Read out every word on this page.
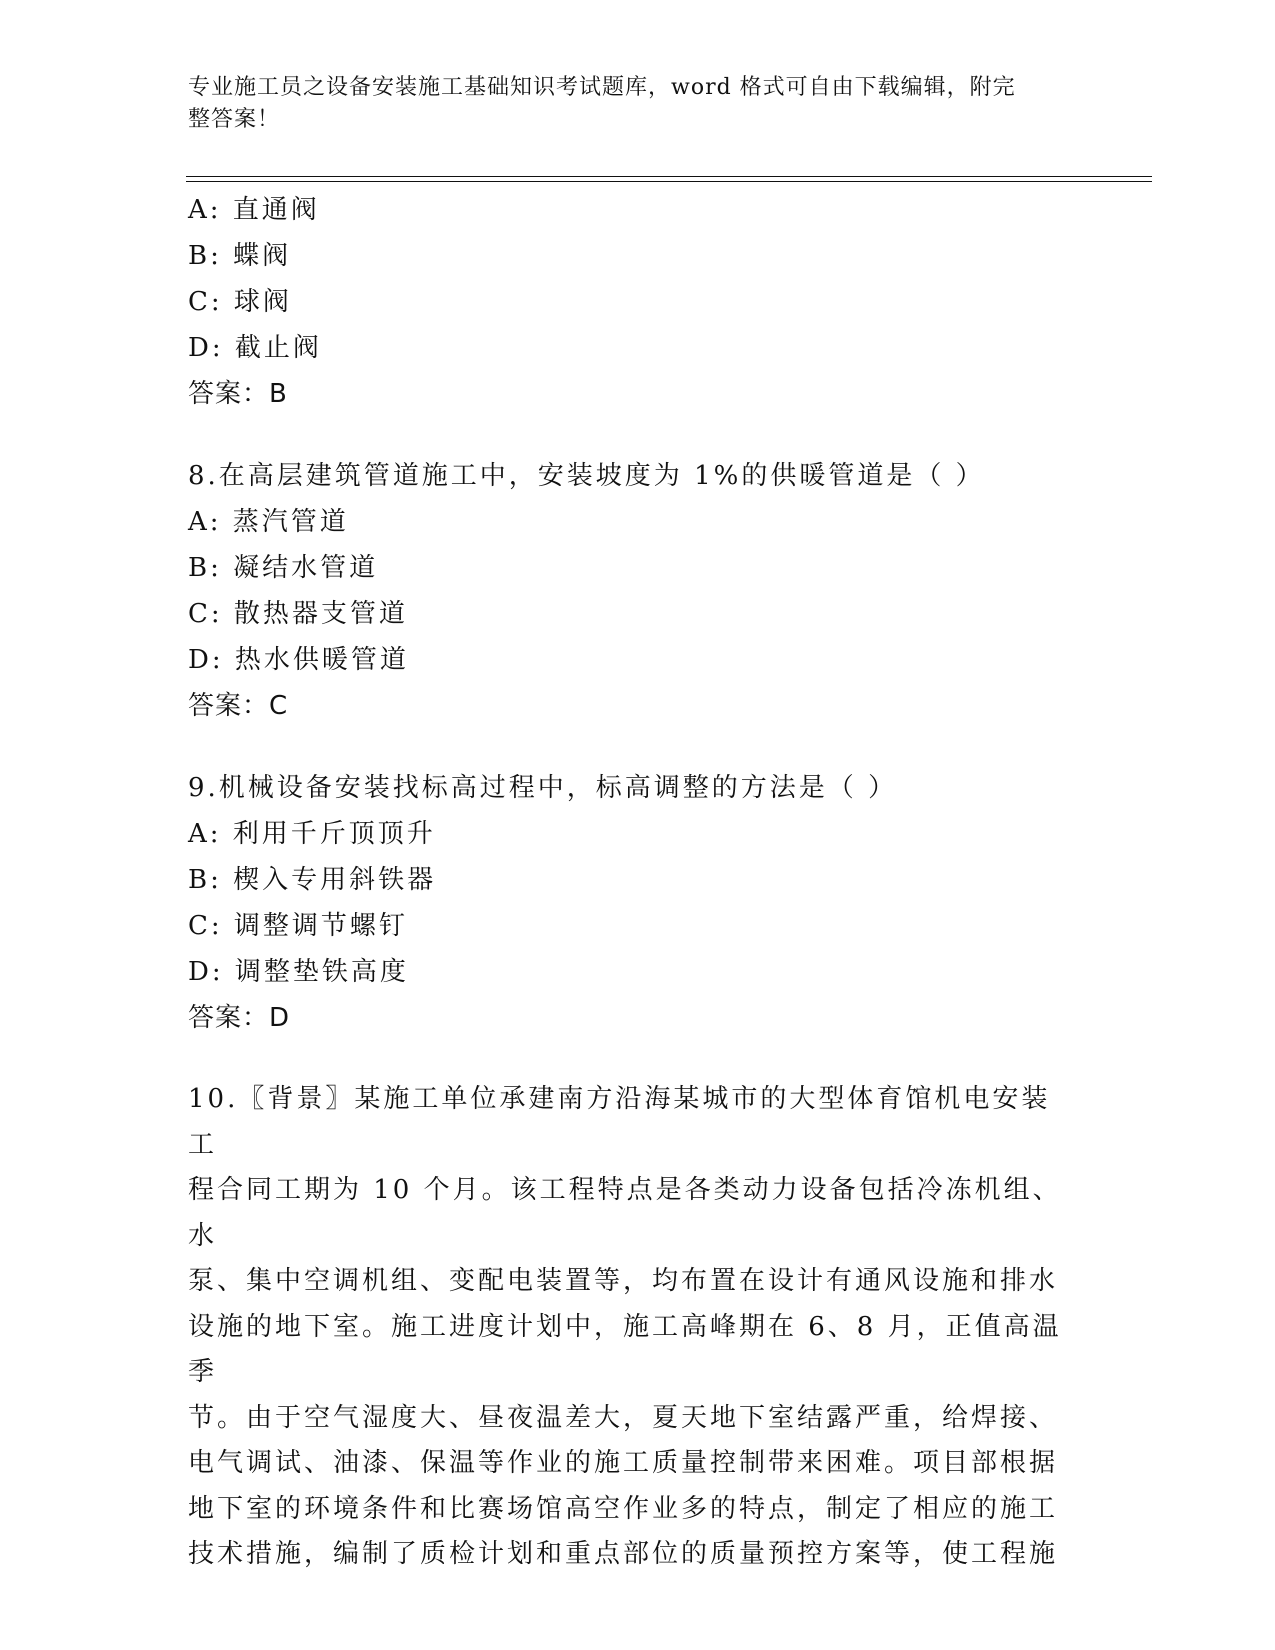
专业施工员之设备安装施工基础知识考试题库，word 格式可自由下载编辑，附完
整答案！
A: 直通阀
B: 蝶阀
C: 球阀
D: 截止阀
答案：B
8.在高层建筑管道施工中，安装坡度为 1%的供暖管道是（ ）
A: 蒸汽管道
B: 凝结水管道
C: 散热器支管道
D: 热水供暖管道
答案：C
9.机械设备安装找标高过程中，标高调整的方法是（ ）
A: 利用千斤顶顶升
B: 楔入专用斜铁器
C: 调整调节螺钉
D: 调整垫铁高度
答案：D
10.〖背景〗某施工单位承建南方沿海某城市的大型体育馆机电安装工
程合同工期为 10 个月。该工程特点是各类动力设备包括冷冻机组、水
泵、集中空调机组、变配电装置等，均布置在设计有通风设施和排水
设施的地下室。施工进度计划中，施工高峰期在 6、8 月，正值高温季
节。由于空气湿度大、昼夜温差大，夏天地下室结露严重，给焊接、
电气调试、油漆、保温等作业的施工质量控制带来困难。项目部根据
地下室的环境条件和比赛场馆高空作业多的特点，制定了相应的施工
技术措施，编制了质检计划和重点部位的质量预控方案等，使工程施
